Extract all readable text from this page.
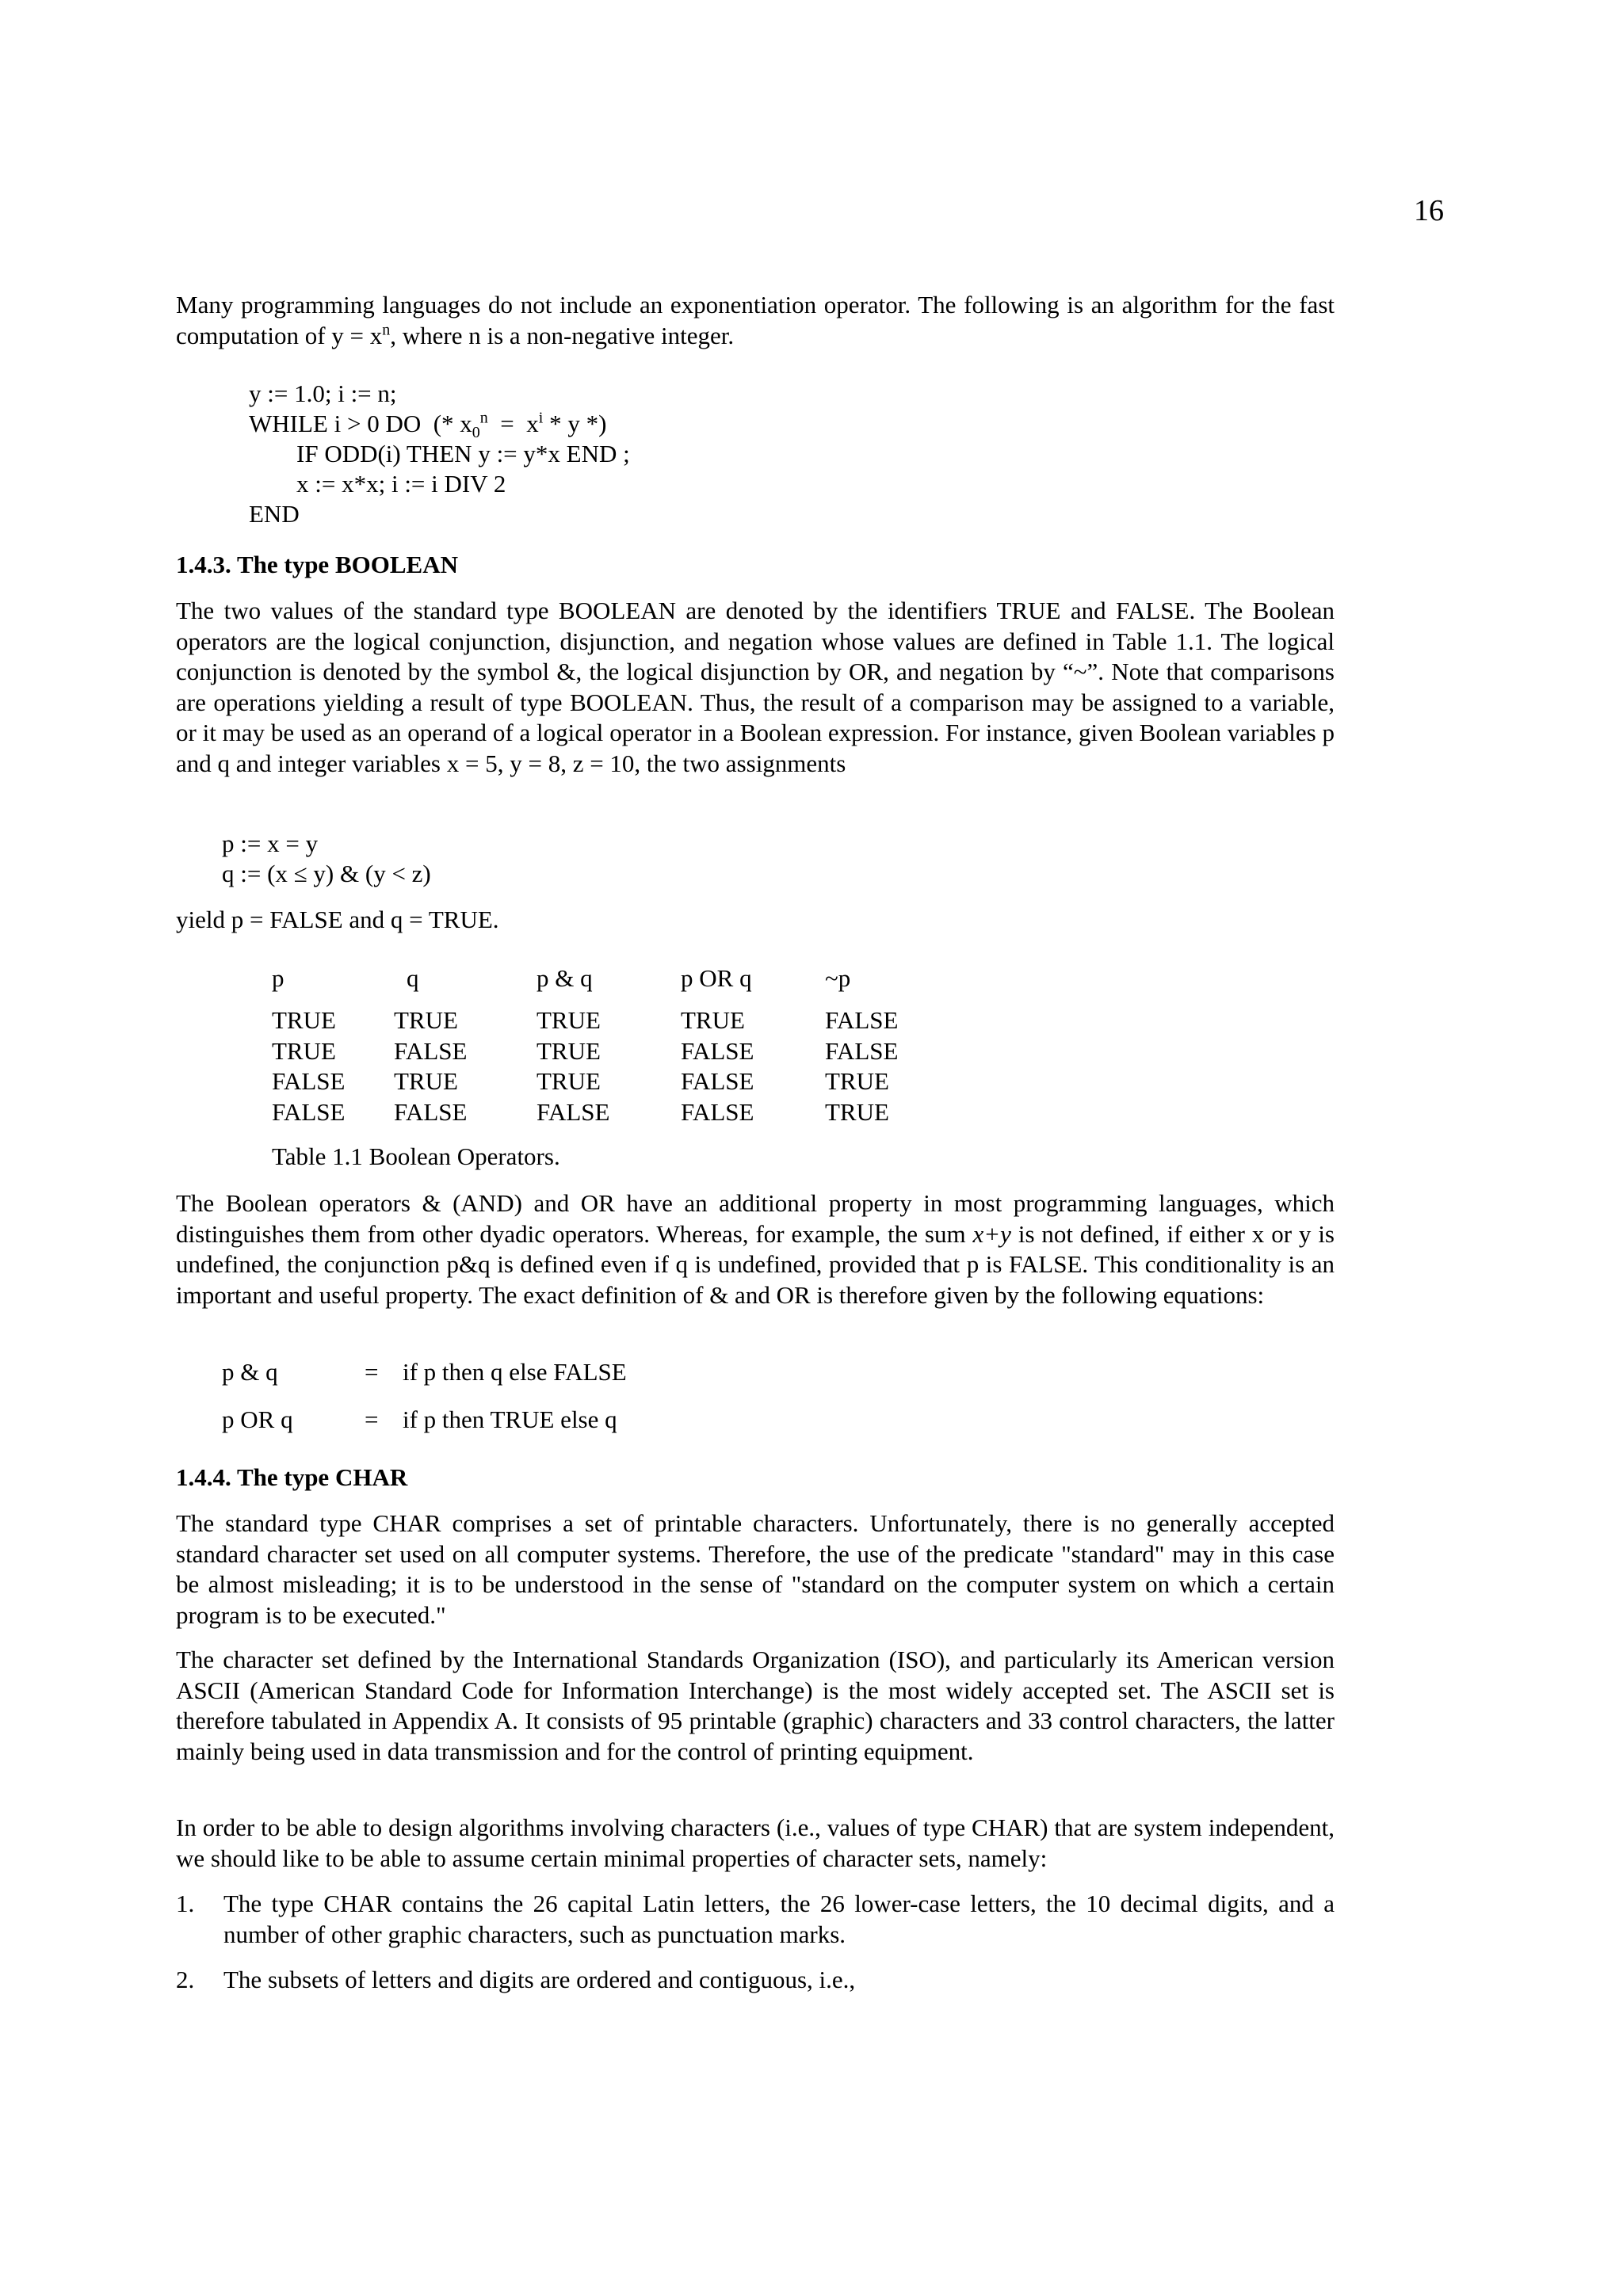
16
Many programming languages do not include an exponentiation operator. The following is an algorithm for the fast computation of $y = x^n$, where n is a non-negative integer.
y := 1.0; i := n;
WHILE i > 0 DO  (* $x_0^n = x^i * y$ *)
IF ODD(i) THEN y := y*x END ;
x := x*x; i := i DIV 2
END
1.4.3. The type BOOLEAN
The two values of the standard type BOOLEAN are denoted by the identifiers TRUE and FALSE. The Boolean operators are the logical conjunction, disjunction, and negation whose values are defined in Table 1.1. The logical conjunction is denoted by the symbol &, the logical disjunction by OR, and negation by “~”. Note that comparisons are operations yielding a result of type BOOLEAN. Thus, the result of a comparison may be assigned to a variable, or it may be used as an operand of a logical operator in a Boolean expression. For instance, given Boolean variables p and q and integer variables x = 5, y = 8, z = 10, the two assignments
p := x = y
q := (x ≤ y) & (y < z)
yield p = FALSE and q = TRUE.
p	q	p & q	p OR q	~p
TRUE	TRUE	TRUE	TRUE	FALSE
TRUE	FALSE	TRUE	FALSE	FALSE
FALSE	TRUE	TRUE	FALSE	TRUE
FALSE	FALSE	FALSE	FALSE	TRUE
Table 1.1 Boolean Operators.
The Boolean operators & (AND) and OR have an additional property in most programming languages, which distinguishes them from other dyadic operators. Whereas, for example, the sum x+y is not defined, if either x or y is undefined, the conjunction p&q is defined even if q is undefined, provided that p is FALSE. This conditionality is an important and useful property. The exact definition of & and OR is therefore given by the following equations:
p & q	= if p then q else FALSE
p OR q	= if p then TRUE else q
1.4.4. The type CHAR
The standard type CHAR comprises a set of printable characters. Unfortunately, there is no generally accepted standard character set used on all computer systems. Therefore, the use of the predicate "standard" may in this case be almost misleading; it is to be understood in the sense of "standard on the computer system on which a certain program is to be executed."
The character set defined by the International Standards Organization (ISO), and particularly its American version ASCII (American Standard Code for Information Interchange) is the most widely accepted set. The ASCII set is therefore tabulated in Appendix A. It consists of 95 printable (graphic) characters and 33 control characters, the latter mainly being used in data transmission and for the control of printing equipment.
In order to be able to design algorithms involving characters (i.e., values of type CHAR) that are system independent, we should like to be able to assume certain minimal properties of character sets, namely:
1. The type CHAR contains the 26 capital Latin letters, the 26 lower-case letters, the 10 decimal digits, and a number of other graphic characters, such as punctuation marks.
2. The subsets of letters and digits are ordered and contiguous, i.e.,
